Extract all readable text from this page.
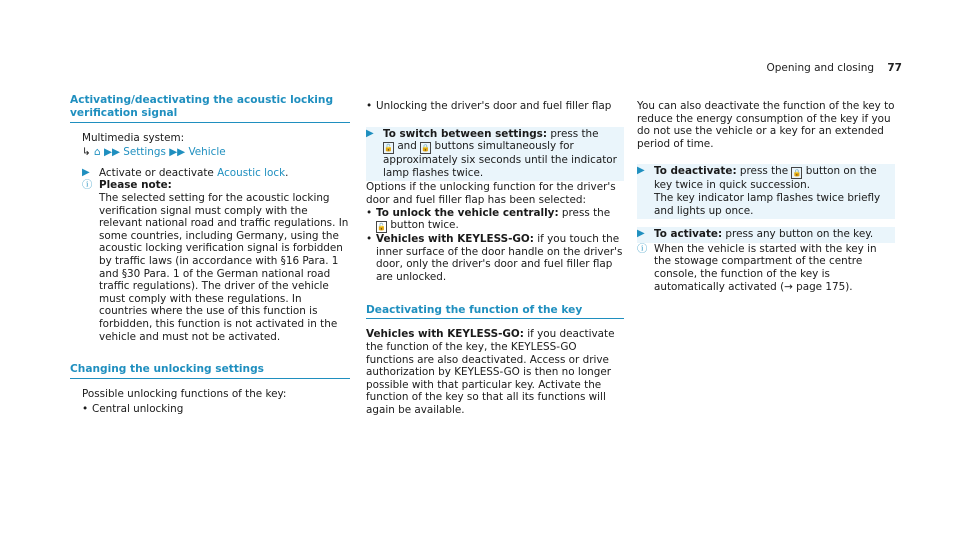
Opening and closing 77
Activating/deactivating the acoustic locking verification signal
Multimedia system:
↳ ⌂ ▶▶ Settings ▶▶ Vehicle
▶ Activate or deactivate Acoustic lock.
ⓘ Please note:
The selected setting for the acoustic locking verification signal must comply with the relevant national road and traffic regulations. In some countries, including Germany, using the acoustic locking verification signal is forbidden by traffic laws (in accordance with §16 Para. 1 and §30 Para. 1 of the German national road traffic regulations). The driver of the vehicle must comply with these regulations. In countries where the use of this function is forbidden, this function is not activated in the vehicle and must not be activated.
Changing the unlocking settings
Possible unlocking functions of the key:
• Central unlocking
• Unlocking the driver's door and fuel filler flap
▶ To switch between settings: press the
🔓 and 🔒 buttons simultaneously for approximately six seconds until the indicator lamp flashes twice.
Options if the unlocking function for the driver's door and fuel filler flap has been selected:
• To unlock the vehicle centrally: press the
🔓 button twice.
• Vehicles with KEYLESS-GO: if you touch the inner surface of the door handle on the driver's door, only the driver's door and fuel filler flap are unlocked.
Deactivating the function of the key
Vehicles with KEYLESS-GO: if you deactivate the function of the key, the KEYLESS-GO functions are also deactivated. Access or drive authorization by KEYLESS-GO is then no longer possible with that particular key. Activate the function of the key so that all its functions will again be available.
You can also deactivate the function of the key to reduce the energy consumption of the key if you do not use the vehicle or a key for an extended period of time.
▶ To deactivate: press the 🔒 button on the key twice in quick succession.
The key indicator lamp flashes twice briefly and lights up once.
▶ To activate: press any button on the key.
ⓘ When the vehicle is started with the key in the stowage compartment of the centre console, the function of the key is automatically activated (→ page 175).
